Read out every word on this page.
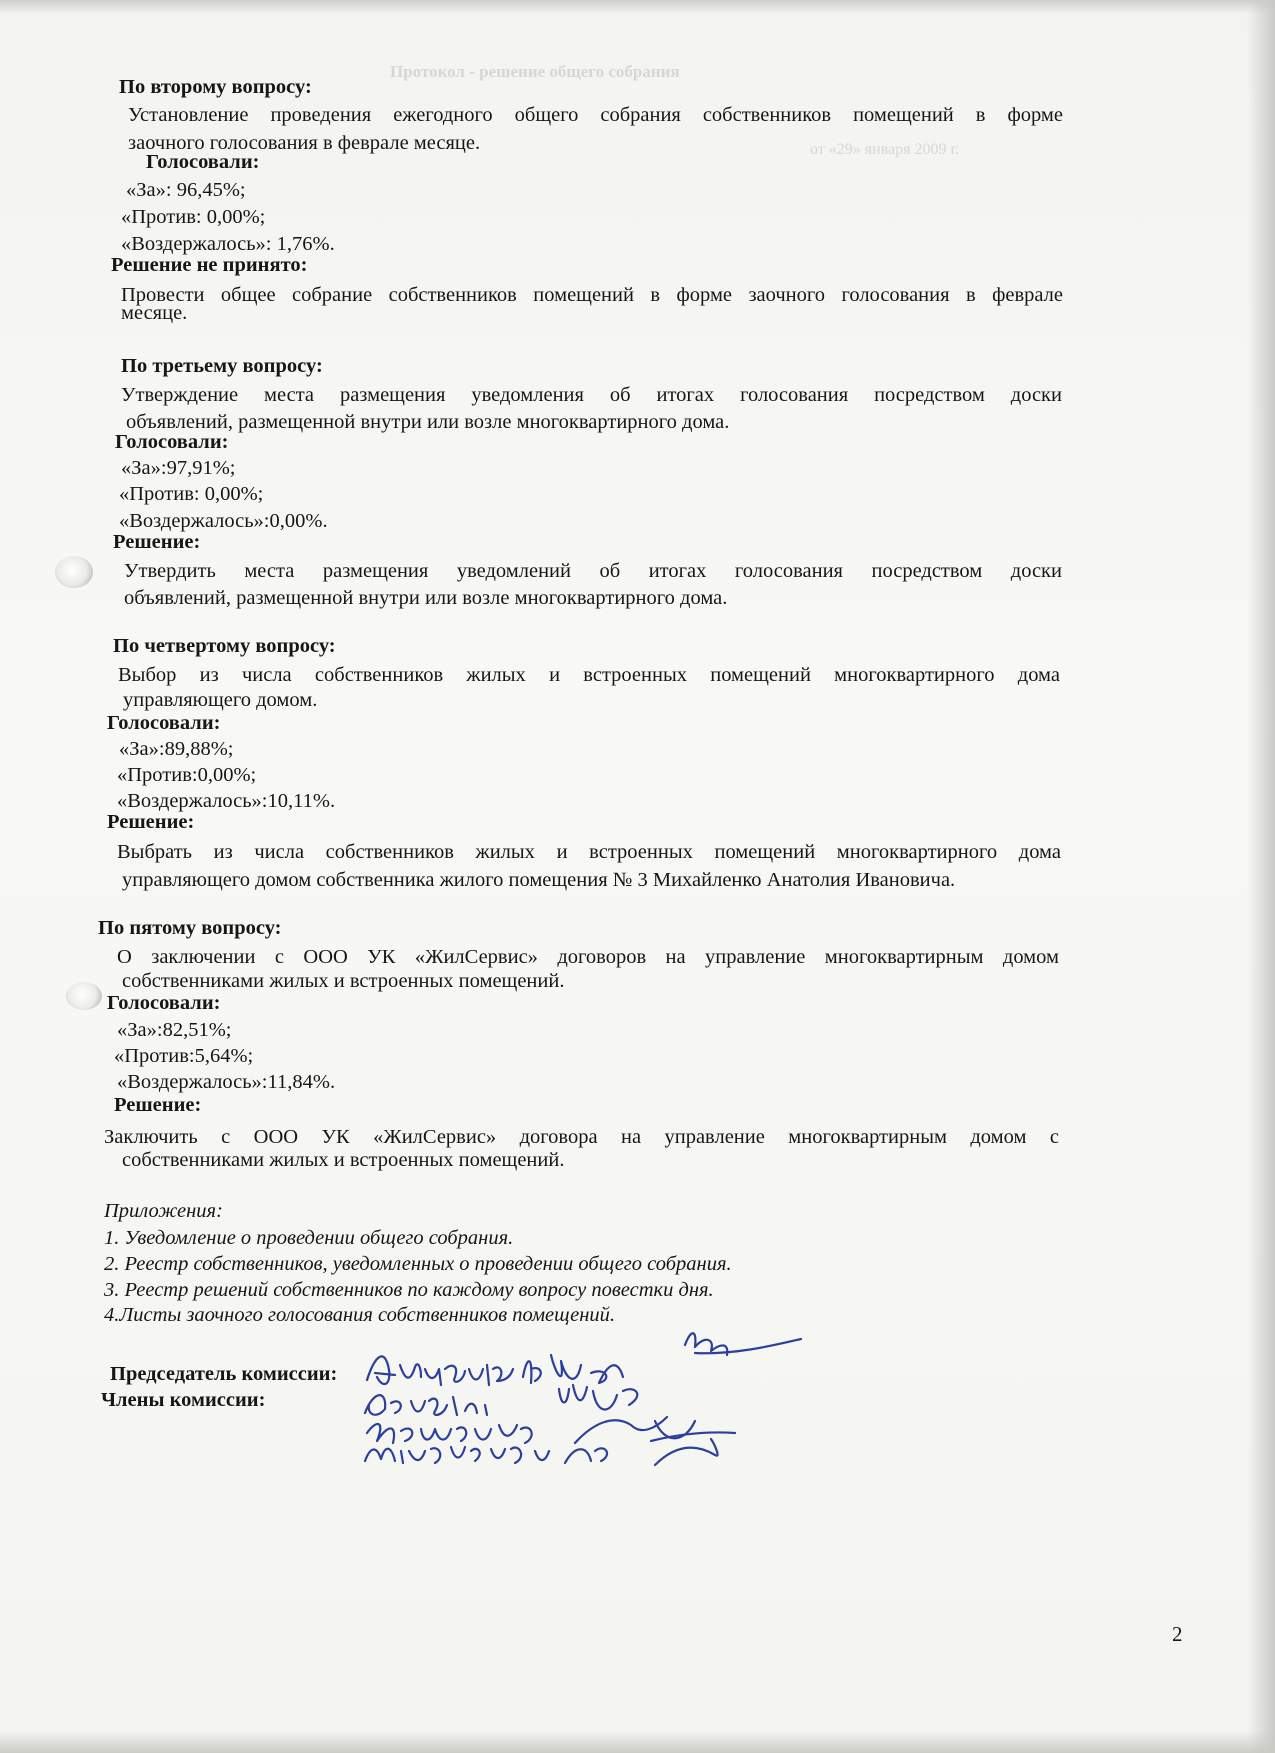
Протокол - решение общего собрания
от «29» января 2009 г.
По второму вопросу:
Установление проведения ежегодного общего собрания собственников помещений в форме
заочного голосования в феврале месяце.
Голосовали:
«За»: 96,45%;
«Против: 0,00%;
«Воздержалось»: 1,76%.
Решение не принято:
Провести общее собрание собственников помещений в форме заочного голосования в феврале
месяце.
По третьему вопросу:
Утверждение места размещения уведомления об итогах голосования посредством доски
объявлений, размещенной внутри или возле многоквартирного дома.
Голосовали:
«За»:97,91%;
«Против: 0,00%;
«Воздержалось»:0,00%.
Решение:
Утвердить места размещения уведомлений об итогах голосования посредством доски
объявлений, размещенной внутри или возле многоквартирного дома.
По четвертому вопросу:
Выбор из числа собственников жилых и встроенных помещений многоквартирного дома
управляющего домом.
Голосовали:
«За»:89,88%;
«Против:0,00%;
«Воздержалось»:10,11%.
Решение:
Выбрать из числа собственников жилых и встроенных помещений многоквартирного дома
управляющего домом собственника жилого помещения № 3 Михайленко Анатолия Ивановича.
По пятому вопросу:
О заключении с ООО УК «ЖилСервис» договоров на управление многоквартирным домом
собственниками жилых и встроенных помещений.
Голосовали:
«За»:82,51%;
«Против:5,64%;
«Воздержалось»:11,84%.
Решение:
Заключить с ООО УК «ЖилСервис» договора на управление многоквартирным домом с
собственниками жилых и встроенных помещений.
Приложения:
1. Уведомление о проведении общего собрания.
2. Реестр собственников, уведомленных о проведении общего собрания.
3. Реестр решений собственников по каждому вопросу повестки дня.
4.Листы заочного голосования собственников помещений.
Председатель комиссии:
Члены комиссии:
2
